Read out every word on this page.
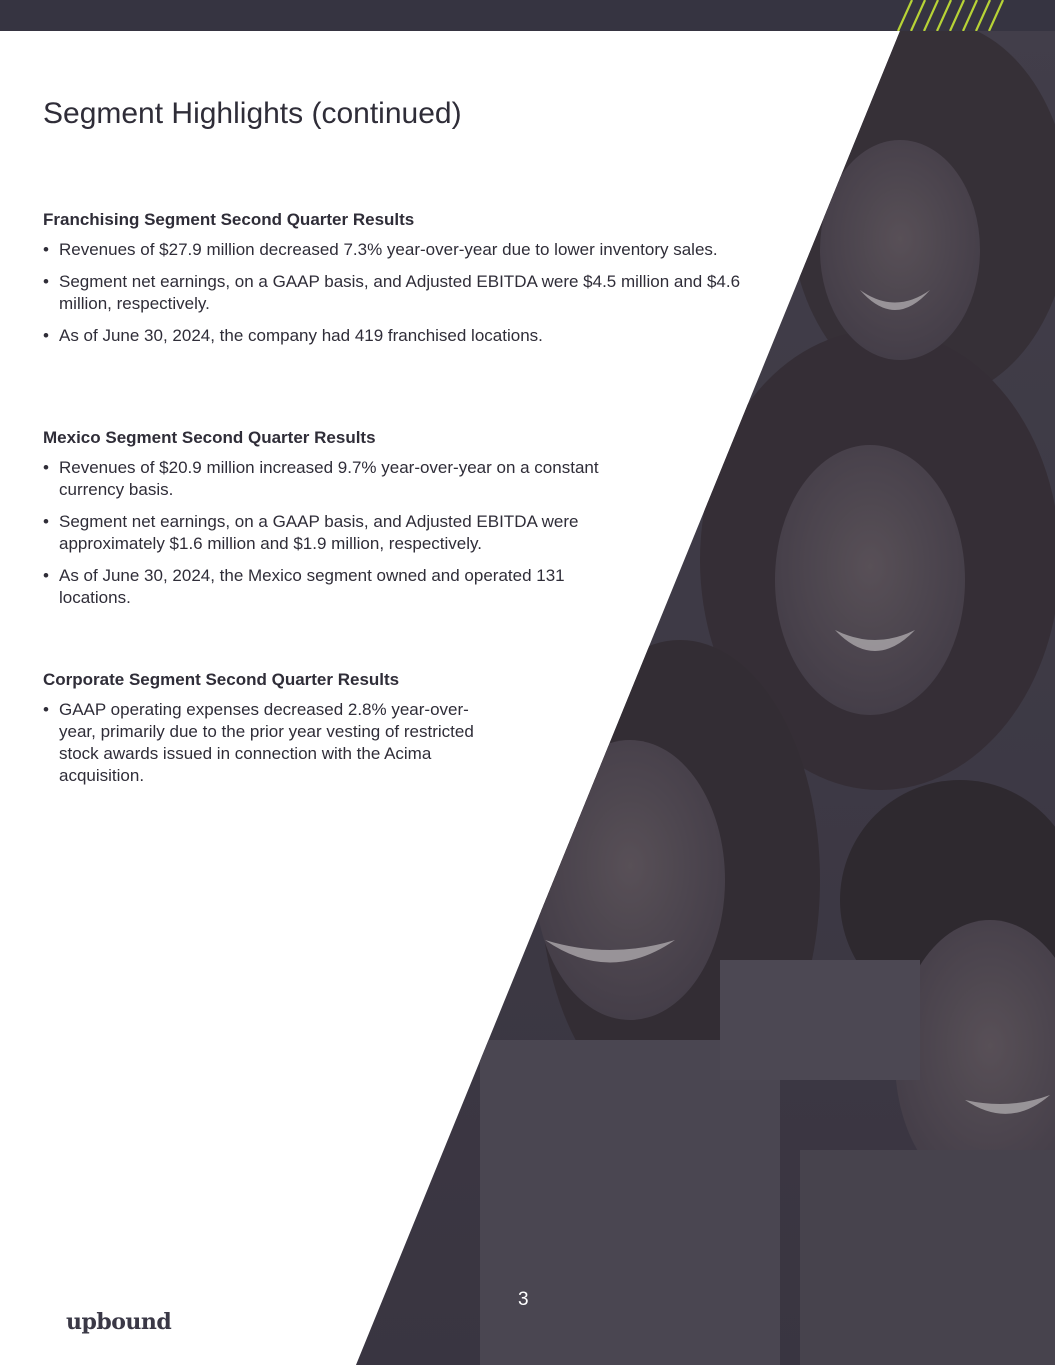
Segment Highlights (continued)
Franchising Segment Second Quarter Results
• Revenues of $27.9 million decreased 7.3% year-over-year due to lower inventory sales.
• Segment net earnings, on a GAAP basis, and Adjusted EBITDA were $4.5 million and $4.6 million, respectively.
• As of June 30, 2024, the company had 419 franchised locations.
Mexico Segment Second Quarter Results
• Revenues of $20.9 million increased 9.7% year-over-year on a constant currency basis.
• Segment net earnings, on a GAAP basis, and Adjusted EBITDA were approximately $1.6 million and $1.9 million, respectively.
• As of June 30, 2024, the Mexico segment owned and operated 131 locations.
Corporate Segment Second Quarter Results
• GAAP operating expenses decreased 2.8% year-over-year, primarily due to the prior year vesting of restricted stock awards issued in connection with the Acima acquisition.
3
upbound
